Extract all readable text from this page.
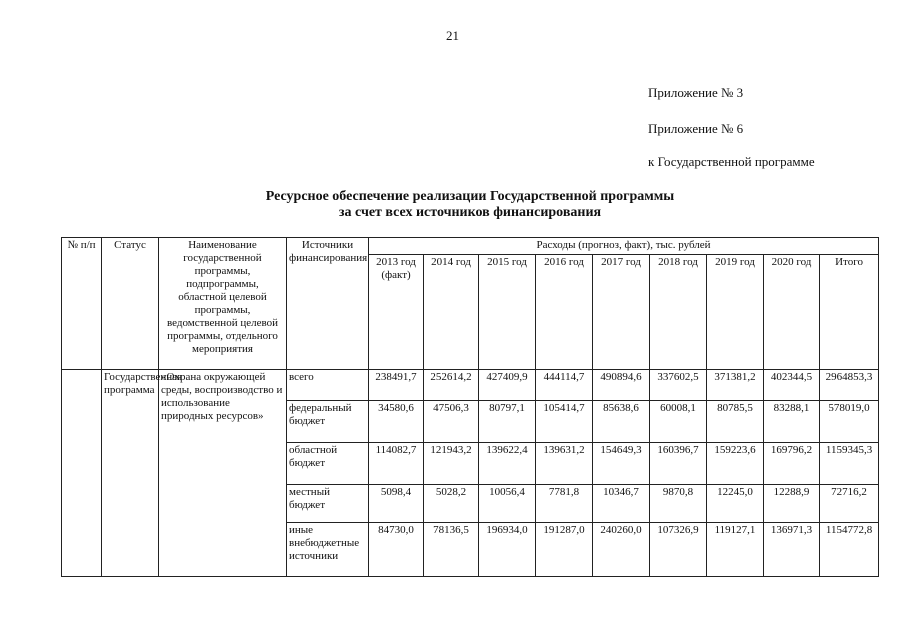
21
Приложение № 3
Приложение № 6
к Государственной программе
Ресурсное обеспечение реализации Государственной программы
за счет всех источников финансирования
№ п/п	Статус	Наименование государственной программы, подпрограммы, областной целевой программы, ведомственной целевой программы, отдельного мероприятия	Источники финансирования	Расходы (прогноз, факт), тыс. рублей								
				2013 год (факт)	2014 год	2015 год	2016 год	2017 год	2018 год	2019 год	2020 год	Итого
	Государственная программа	«Охрана окружающей среды, воспроизводство и использование природных ресурсов»	всего	238491,7	252614,2	427409,9	444114,7	490894,6	337602,5	371381,2	402344,5	2964853,3
			федеральный бюджет	34580,6	47506,3	80797,1	105414,7	85638,6	60008,1	80785,5	83288,1	578019,0
			областной бюджет	114082,7	121943,2	139622,4	139631,2	154649,3	160396,7	159223,6	169796,2	1159345,3
			местный бюджет	5098,4	5028,2	10056,4	7781,8	10346,7	9870,8	12245,0	12288,9	72716,2
			иные внебюджетные источники	84730,0	78136,5	196934,0	191287,0	240260,0	107326,9	119127,1	136971,3	1154772,8
